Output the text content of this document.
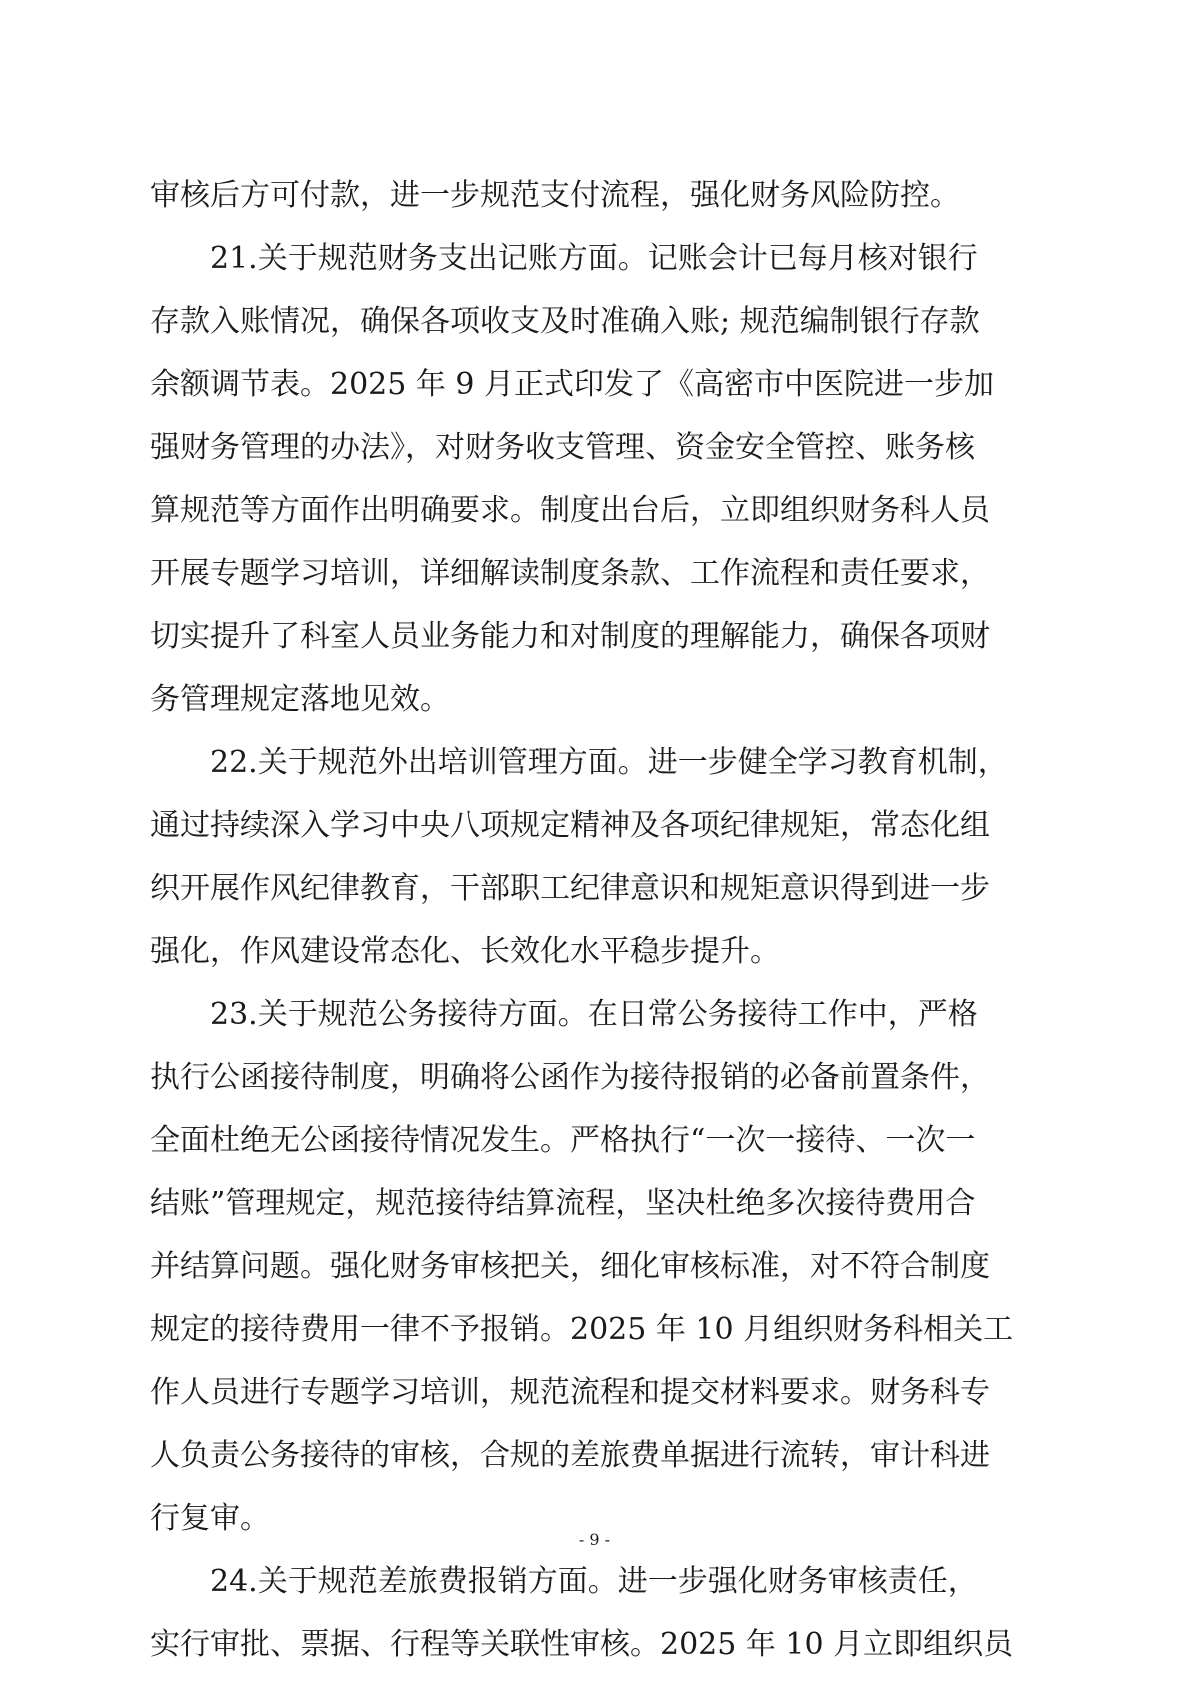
审核后方可付款，进一步规范支付流程，强化财务风险防控。
21.关于规范财务支出记账方面。记账会计已每月核对银行
存款入账情况，确保各项收支及时准确入账; 规范编制银行存款
余额调节表。2025 年 9 月正式印发了《高密市中医院进一步加
强财务管理的办法》，对财务收支管理、资金安全管控、账务核
算规范等方面作出明确要求。制度出台后，立即组织财务科人员
开展专题学习培训，详细解读制度条款、工作流程和责任要求，
切实提升了科室人员业务能力和对制度的理解能力，确保各项财
务管理规定落地见效。
22.关于规范外出培训管理方面。进一步健全学习教育机制，
通过持续深入学习中央八项规定精神及各项纪律规矩，常态化组
织开展作风纪律教育，干部职工纪律意识和规矩意识得到进一步
强化，作风建设常态化、长效化水平稳步提升。
23.关于规范公务接待方面。在日常公务接待工作中，严格
执行公函接待制度，明确将公函作为接待报销的必备前置条件，
全面杜绝无公函接待情况发生。严格执行“一次一接待、一次一
结账”管理规定，规范接待结算流程，坚决杜绝多次接待费用合
并结算问题。强化财务审核把关，细化审核标准，对不符合制度
规定的接待费用一律不予报销。2025 年 10 月组织财务科相关工
作人员进行专题学习培训，规范流程和提交材料要求。财务科专
人负责公务接待的审核，合规的差旅费单据进行流转，审计科进
行复审。
24.关于规范差旅费报销方面。进一步强化财务审核责任，
实行审批、票据、行程等关联性审核。2025 年 10 月立即组织员
- 9 -
